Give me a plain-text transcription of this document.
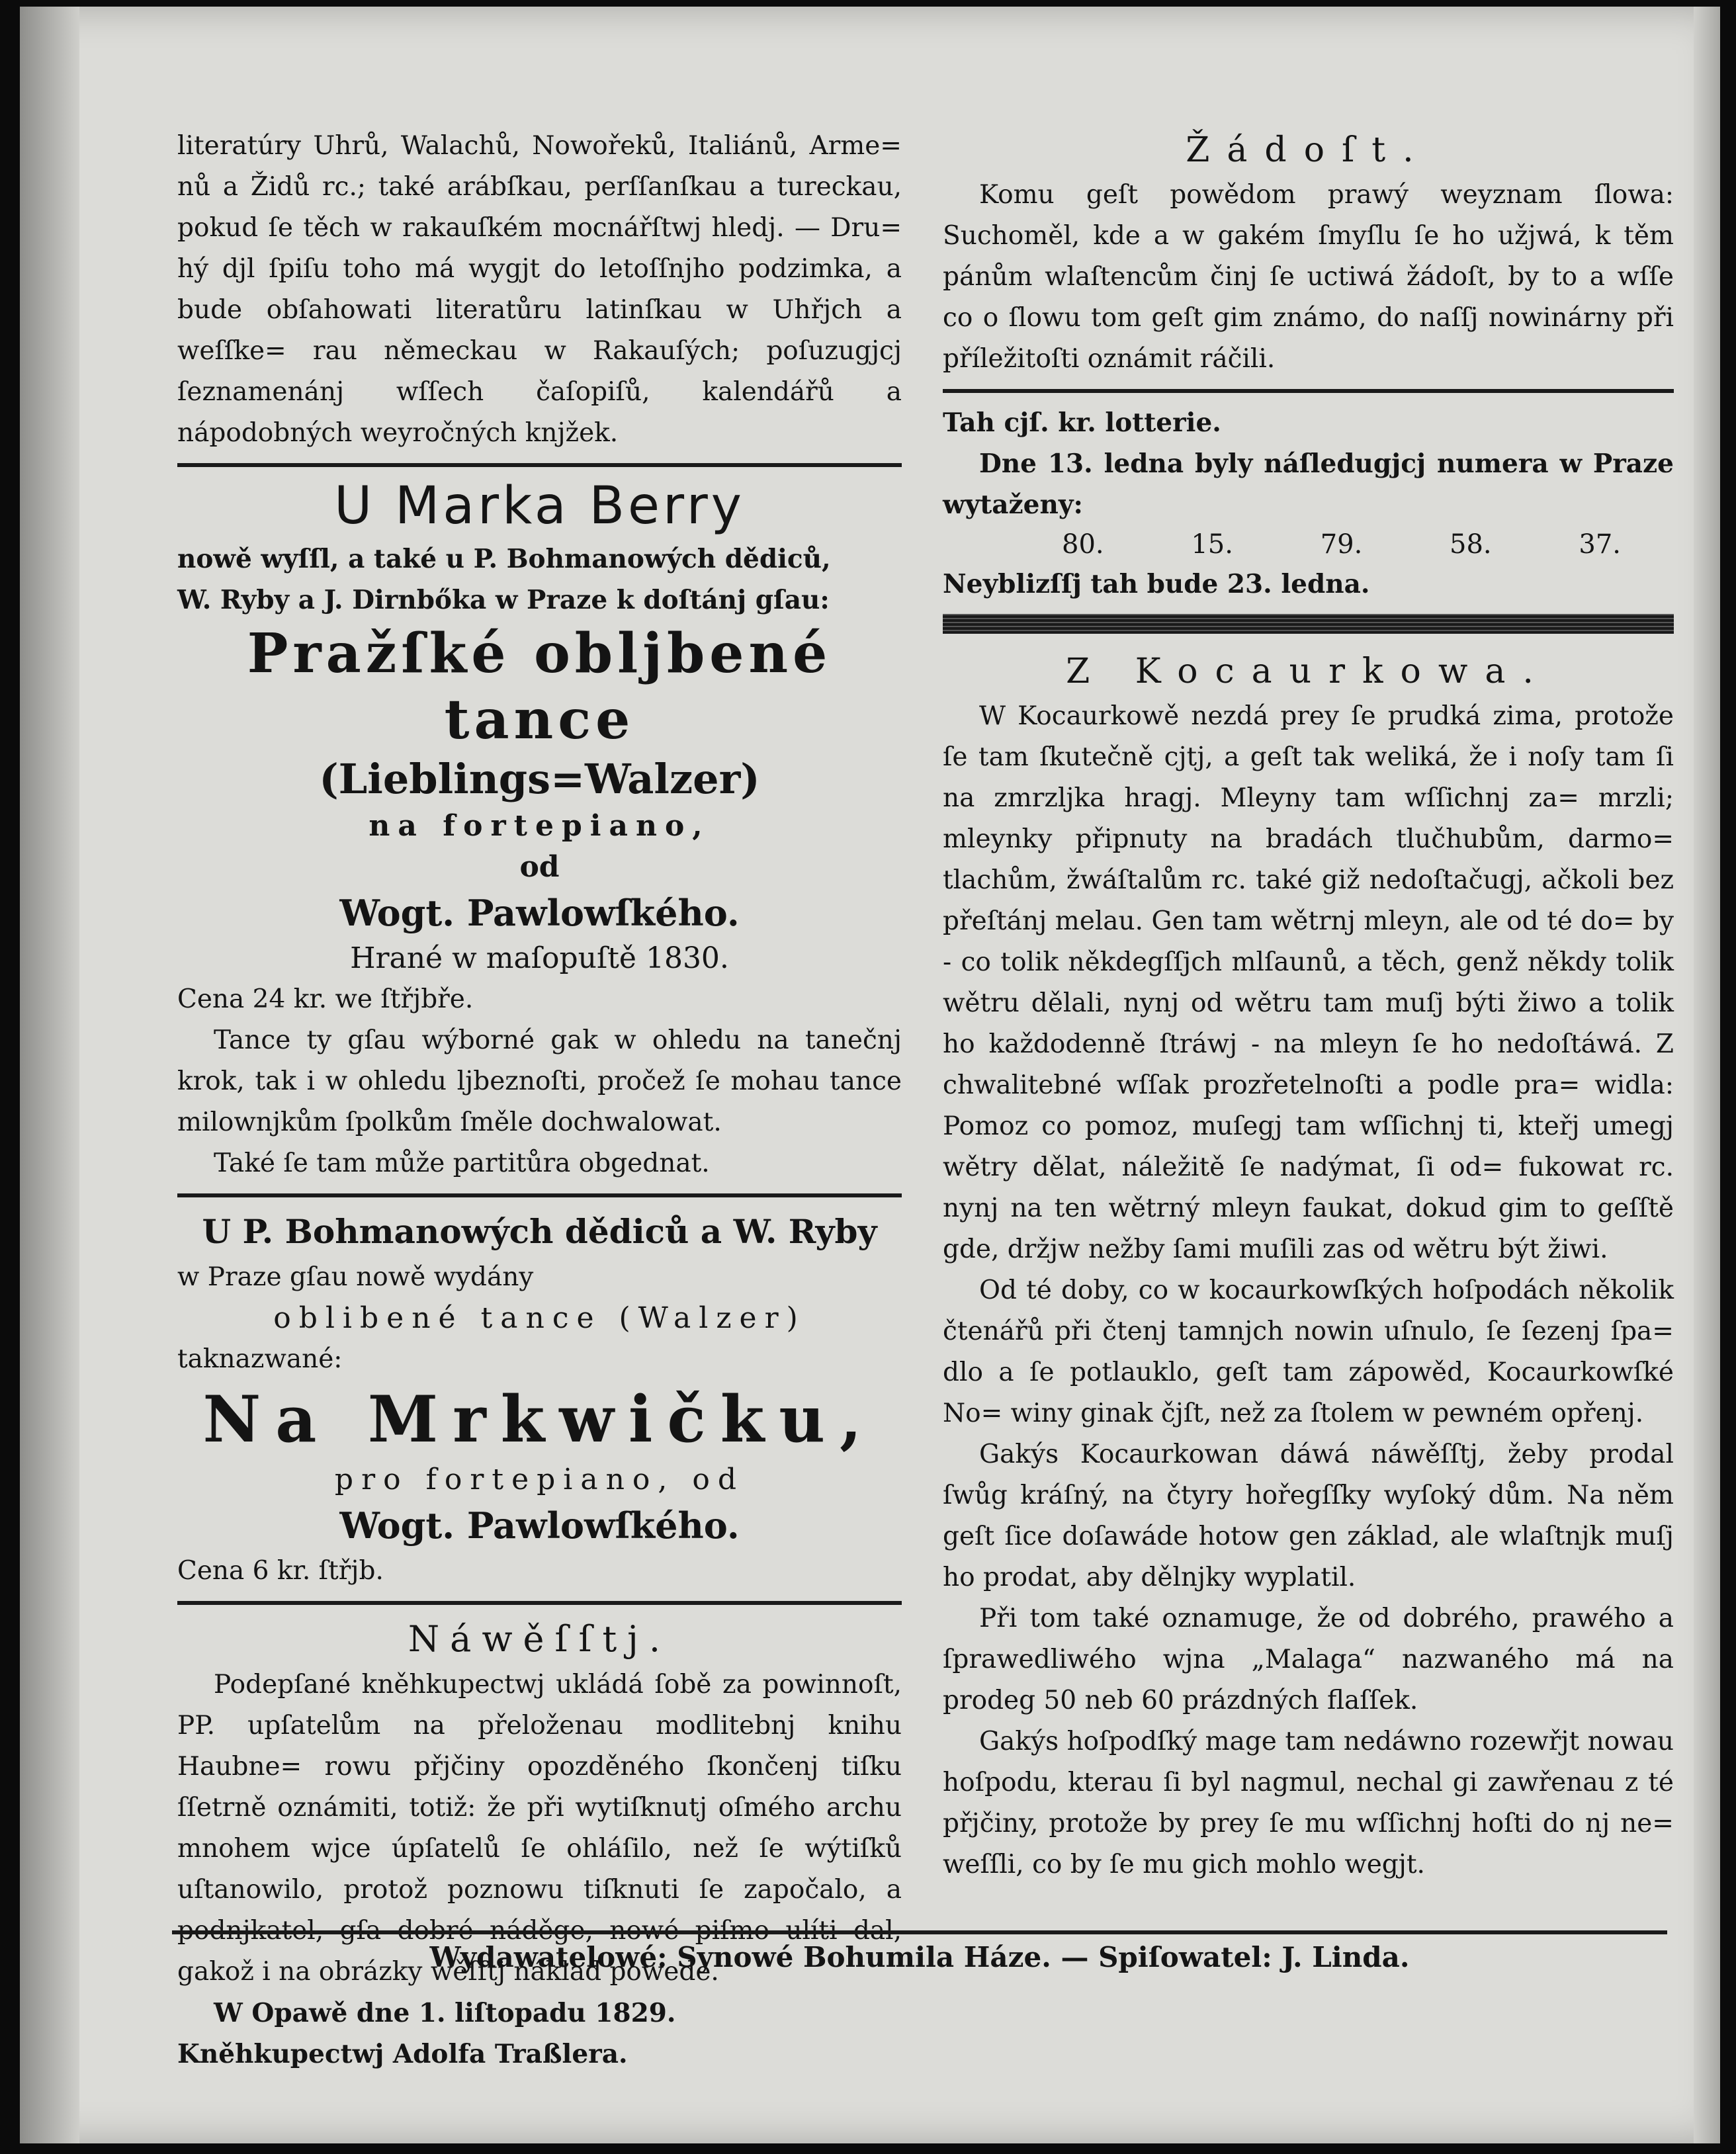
literatúry Uhrů, Walachů, Nowořeků, Italiánů, Arme= nů a Židů rc.; také arábſkau, perſſanſkau a tureckau, pokud ſe těch w rakauſkém mocnářſtwj hledj. — Dru= hý djl ſpiſu toho má wygjt do letoſſnjho podzimka, a bude obſahowati literatůru latinſkau w Uhřjch a weſſke= rau německau w Rakauſých; poſuzugjcj ſeznamenánj wſſech čaſopiſů, kalendářů a nápodobných weyročných knjžek.

U Marka Berry

nowě wyſſl, a také u P. Bohmanowých dědiců,

W. Ryby a J. Dirnbőka w Praze k doſtánj gſau:

Pražſké obljbené tance

(Lieblings=Walzer)

na fortepiano,

od

Wogt. Pawlowſkého.

Hrané w maſopuſtě 1830.

Cena 24 kr. we ſtřjbře.

Tance ty gſau wýborné gak w ohledu na tanečnj krok, tak i w ohledu ljbeznoſti, pročež ſe mohau tance milownjkům ſpolkům ſměle dochwalowat.

Také ſe tam může partitůra obgednat.

U P. Bohmanowých dědiců a W. Ryby

w Praze gſau nowě wydány

oblibené tance (Walzer)

taknazwané:

Na Mrkwičku,

pro fortepiano, od

Wogt. Pawlowſkého.

Cena 6 kr. ſtřjb.

Náwěſſtj.

Podepſané kněhkupectwj ukládá ſobě za powinnoſt, PP. upſatelům na přeloženau modlitebnj knihu Haubne= rowu přjčiny opozděného ſkončenj tiſku ſſetrně oznámiti, totiž: že při wytiſknutj oſmého archu mnohem wjce úpſatelů ſe ohláſilo, než ſe wýtiſků uſtanowilo, protož poznowu tiſknuti ſe započalo, a podnjkatel, gſa dobré náděge, nowé piſmo ulíti dal, gakož i na obrázky wěſſtj náklad powede.

W Opawě dne 1. liſtopadu 1829.

Kněhkupectwj Adolfa Traßlera.

Žádoſt.

Komu geſt powědom prawý weyznam ſlowa: Suchoměl, kde a w gakém ſmyſlu ſe ho užjwá, k těm pánům wlaſtencům činj ſe uctiwá žádoſt, by to a wſſe co o ſlowu tom geſt gim známo, do naſſj nowinárny při příležitoſti oznámit ráčili.

Tah cjſ. kr. lotterie.

Dne 13. ledna byly náſledugjcj numera w Praze wytaženy:

80.	15.	79.	58.	37.

Neyblizſſj tah bude 23. ledna.

Z Kocaurkowa.

W Kocaurkowě nezdá prey ſe prudká zima, protože ſe tam ſkutečně cjtj, a geſt tak weliká, že i noſy tam ſi na zmrzljka hragj. Mleyny tam wſſichnj za= mrzli; mleynky připnuty na bradách tlučhubům, darmo= tlachům, žwáſtalům rc. také giž nedoſtačugj, ačkoli bez přeſtánj melau. Gen tam wětrnj mleyn, ale od té do= by - co tolik někdegſſjch mlſaunů, a těch, genž někdy tolik wětru dělali, nynj od wětru tam muſj býti žiwo a tolik ho každodenně ſtráwj - na mleyn ſe ho nedoſtáwá. Z chwalitebné wſſak prozřetelnoſti a podle pra= widla: Pomoz co pomoz, muſegj tam wſſichnj ti, kteřj umegj wětry dělat, náležitě ſe nadýmat, ſi od= fukowat rc. nynj na ten wětrný mleyn faukat, dokud gim to geſſtě gde, držjw nežby ſami muſili zas od wětru být žiwi.

Od té doby, co w kocaurkowſkých hoſpodách několik čtenářů při čtenj tamnjch nowin uſnulo, ſe ſezenj ſpa= dlo a ſe potlauklo, geſt tam zápowěd, Kocaurkowſké No= winy ginak čjſt, než za ſtolem w pewném opřenj.

Gakýs Kocaurkowan dáwá náwěſſtj, žeby prodal ſwůg kráſný, na čtyry hořegſſky wyſoký dům. Na něm geſt ſice doſawáde hotow gen základ, ale wlaſtnjk muſj ho prodat, aby dělnjky wyplatil.

Při tom také oznamuge, že od dobrého, prawého a ſprawedliwého wjna „Malaga“ nazwaného má na prodeg 50 neb 60 prázdných flaſſek.

Gakýs hoſpodſký mage tam nedáwno rozewřjt nowau hoſpodu, kterau ſi byl nagmul, nechal gi zawřenau z té přjčiny, protože by prey ſe mu wſſichnj hoſti do nj ne= weſſli, co by ſe mu gich mohlo wegjt.

Wydawatelowé: Synowé Bohumila Háze. — Spiſowatel: J. Linda.
